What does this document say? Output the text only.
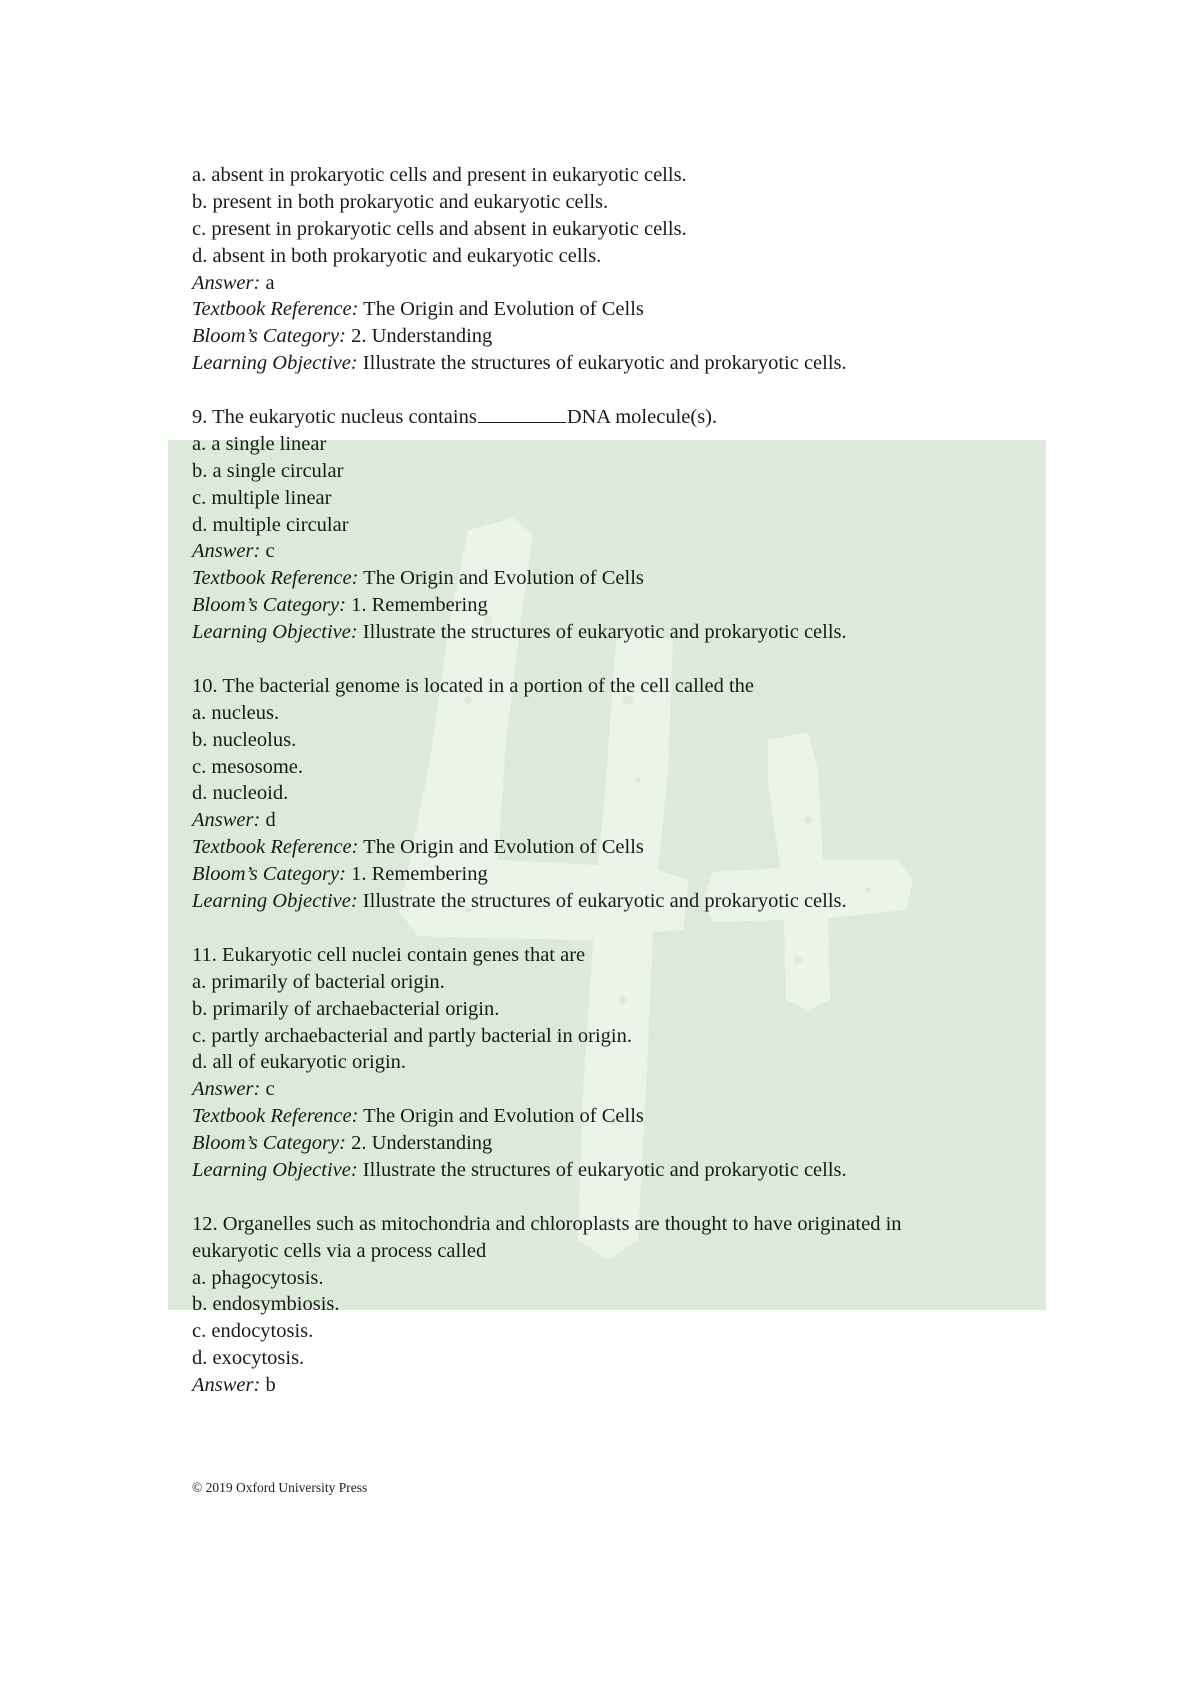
a. absent in prokaryotic cells and present in eukaryotic cells.
b. present in both prokaryotic and eukaryotic cells.
c. present in prokaryotic cells and absent in eukaryotic cells.
d. absent in both prokaryotic and eukaryotic cells.
Answer: a
Textbook Reference: The Origin and Evolution of Cells
Bloom’s Category: 2. Understanding
Learning Objective: Illustrate the structures of eukaryotic and prokaryotic cells.
9. The eukaryotic nucleus contains	DNA molecule(s).
a. a single linear
b. a single circular
c. multiple linear
d. multiple circular
Answer: c
Textbook Reference: The Origin and Evolution of Cells
Bloom’s Category: 1. Remembering
Learning Objective: Illustrate the structures of eukaryotic and prokaryotic cells.
10. The bacterial genome is located in a portion of the cell called the
a. nucleus.
b. nucleolus.
c. mesosome.
d. nucleoid.
Answer: d
Textbook Reference: The Origin and Evolution of Cells
Bloom’s Category: 1. Remembering
Learning Objective: Illustrate the structures of eukaryotic and prokaryotic cells.
11. Eukaryotic cell nuclei contain genes that are
a. primarily of bacterial origin.
b. primarily of archaebacterial origin.
c. partly archaebacterial and partly bacterial in origin.
d. all of eukaryotic origin.
Answer: c
Textbook Reference: The Origin and Evolution of Cells
Bloom’s Category: 2. Understanding
Learning Objective: Illustrate the structures of eukaryotic and prokaryotic cells.
12. Organelles such as mitochondria and chloroplasts are thought to have originated in
eukaryotic cells via a process called
a. phagocytosis.
b. endosymbiosis.
c. endocytosis.
d. exocytosis.
Answer: b
© 2019 Oxford University Press
